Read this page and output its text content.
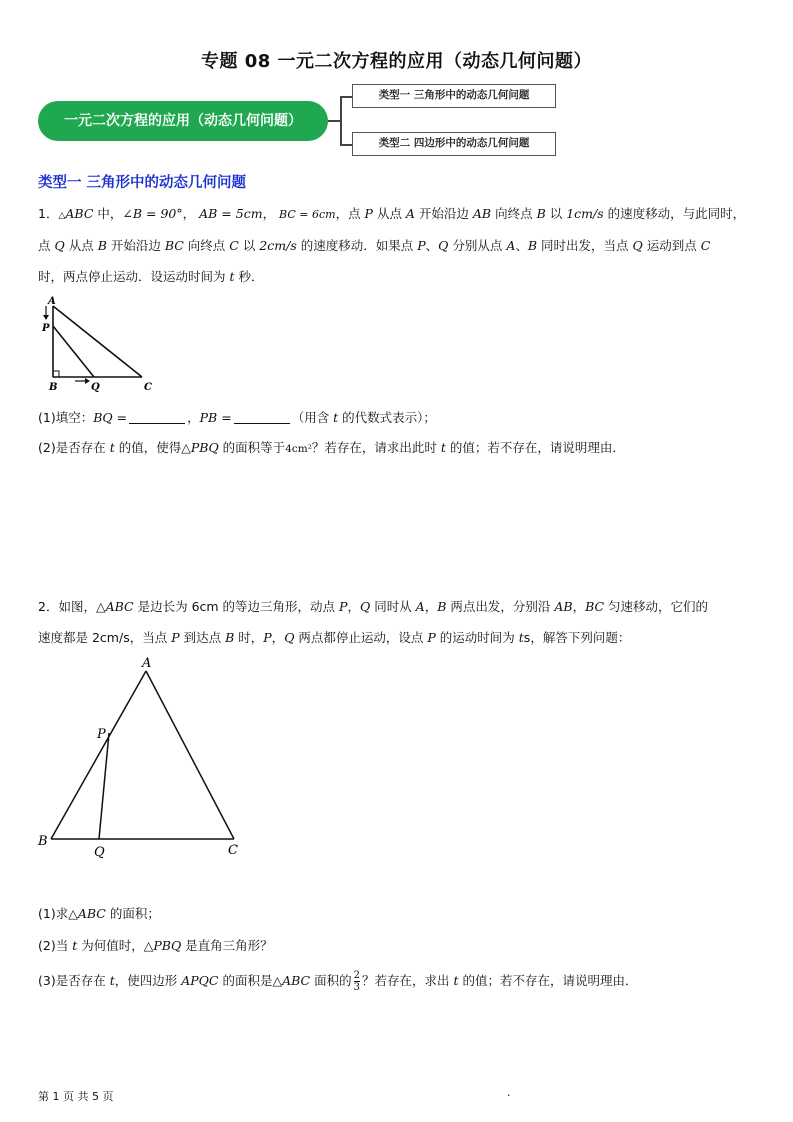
专题 08 一元二次方程的应用（动态几何问题）
一元二次方程的应用（动态几何问题）
类型一 三角形中的动态几何问题
类型二 四边形中的动态几何问题
类型一 三角形中的动态几何问题
1．△ABC 中，∠B = 90°， AB = 5cm， BC = 6cm，点 P 从点 A 开始沿边 AB 向终点 B 以 1cm/s 的速度移动，与此同时，
点 Q 从点 B 开始沿边 BC 向终点 C 以 2cm/s 的速度移动．如果点 P、Q 分别从点 A、B 同时出发，当点 Q 运动到点 C
时，两点停止运动．设运动时间为 t 秒．
A
P
B	Q	C
(1)填空：BQ =	，PB =	（用含 t 的代数式表示）；
(2)是否存在 t 的值，使得△PBQ 的面积等于4cm²？若存在，请求出此时 t 的值；若不存在，请说明理由．
2．如图，△ABC 是边长为 6cm 的等边三角形，动点 P，Q 同时从 A，B 两点出发，分别沿 AB，BC 匀速移动，它们的
速度都是 2cm/s，当点 P 到达点 B 时，P，Q 两点都停止运动，设点 P 的运动时间为 ts，解答下列问题：
A
P
B
Q	C
(1)求△ABC 的面积；
(2)当 t 为何值时，△PBQ 是直角三角形？
(3)是否存在 t，使四边形 APQC 的面积是△ABC 面积的 $\frac{2}{3}$ ？若存在，求出 t 的值；若不存在，请说明理由．
第 1 页 共 5 页	.
